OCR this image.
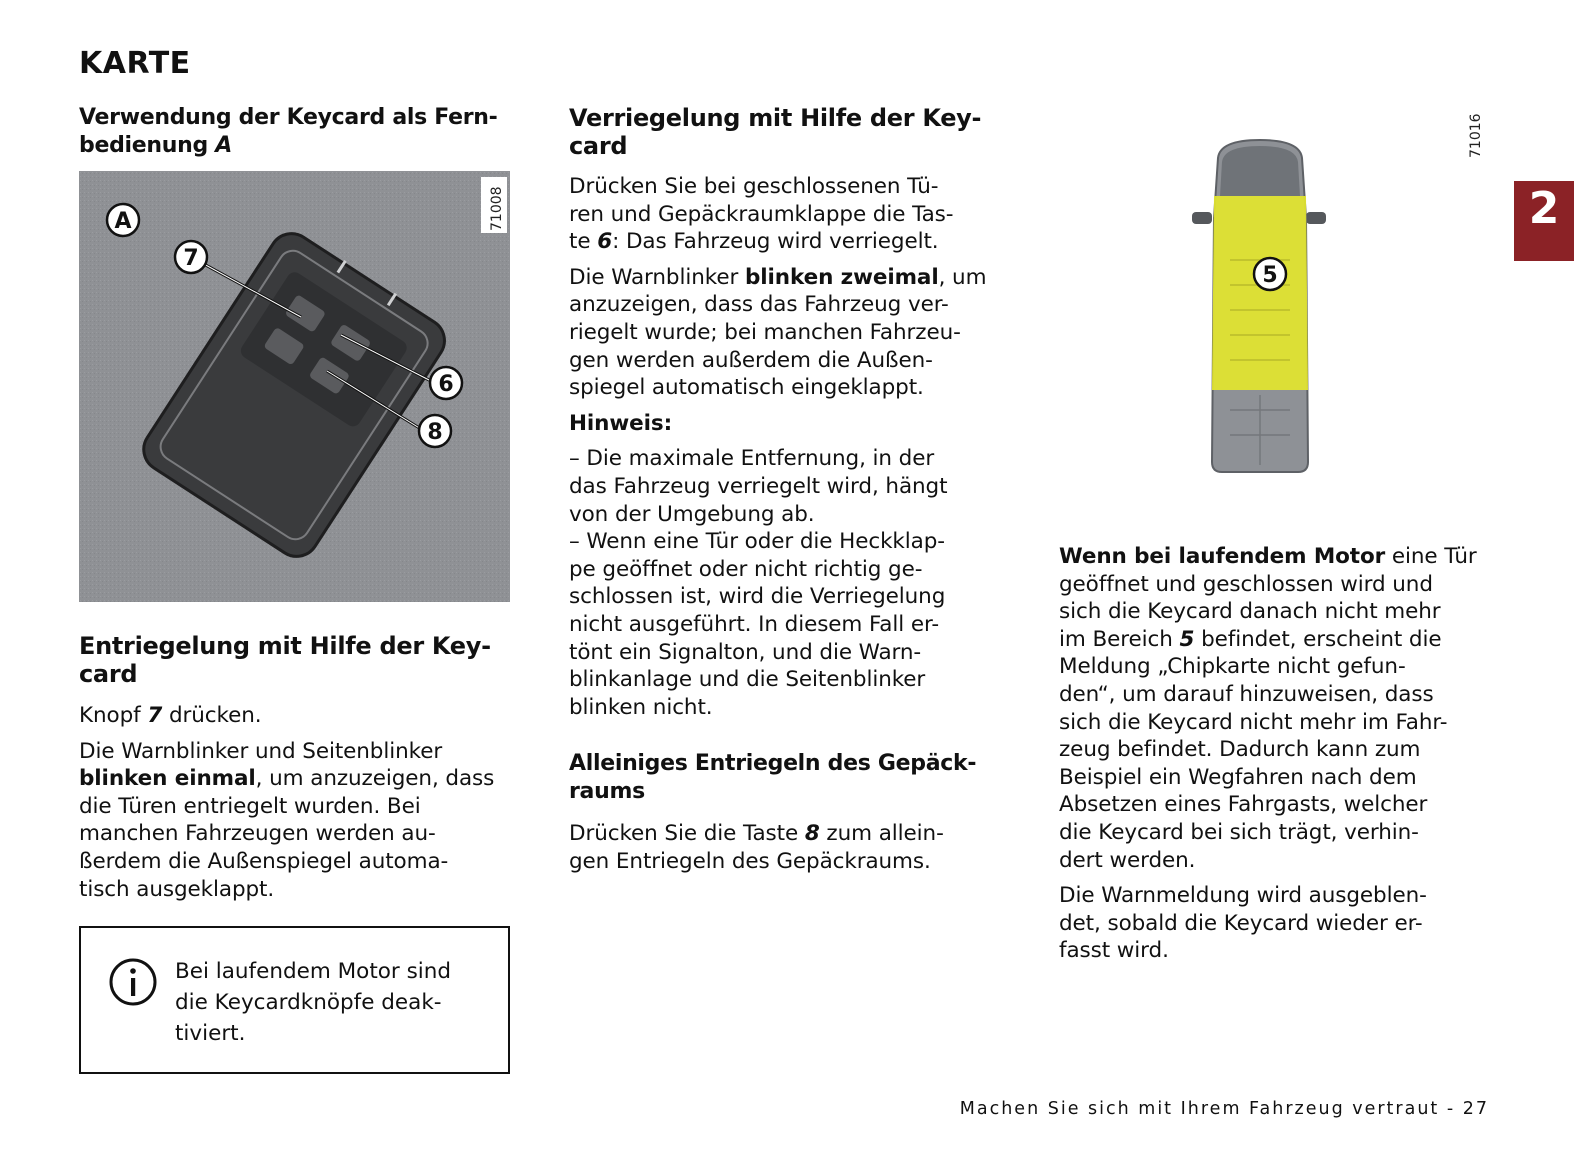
KARTE
Verwendung der Keycard als Fern-
bedienung A
A
7
6
8
71008
Entriegelung mit Hilfe der Key-
card

Knopf 7 drücken.

Die Warnblinker und Seitenblinker
blinken einmal, um anzuzeigen, dass
die Türen entriegelt wurden. Bei
manchen Fahrzeugen werden au-
ßerdem die Außenspiegel automa-
tisch ausgeklappt.

Bei laufendem Motor sind
die Keycardknöpfe deak-
tiviert.
Verriegelung mit Hilfe der Key-
card

Drücken Sie bei geschlossenen Tü-
ren und Gepäckraumklappe die Tas-
te 6: Das Fahrzeug wird verriegelt.

Die Warnblinker blinken zweimal, um
anzuzeigen, dass das Fahrzeug ver-
riegelt wurde; bei manchen Fahrzeu-
gen werden außerdem die Außen-
spiegel automatisch eingeklappt.

Hinweis:

– Die maximale Entfernung, in der
das Fahrzeug verriegelt wird, hängt
von der Umgebung ab.
– Wenn eine Tür oder die Heckklap-
pe geöffnet oder nicht richtig ge-
schlossen ist, wird die Verriegelung
nicht ausgeführt. In diesem Fall er-
tönt ein Signalton, und die Warn-
blinkanlage und die Seitenblinker
blinken nicht.

Alleiniges Entriegeln des Gepäck-
raums

Drücken Sie die Taste 8 zum allein-
gen Entriegeln des Gepäckraums.

5
71016

Wenn bei laufendem Motor eine Tür
geöffnet und geschlossen wird und
sich die Keycard danach nicht mehr
im Bereich 5 befindet, erscheint die
Meldung „Chipkarte nicht gefun-
den“, um darauf hinzuweisen, dass
sich die Keycard nicht mehr im Fahr-
zeug befindet. Dadurch kann zum
Beispiel ein Wegfahren nach dem
Absetzen eines Fahrgasts, welcher
die Keycard bei sich trägt, verhin-
dert werden.

Die Warnmeldung wird ausgeblen-
det, sobald die Keycard wieder er-
fasst wird.

2
Machen Sie sich mit Ihrem Fahrzeug vertraut - 27
